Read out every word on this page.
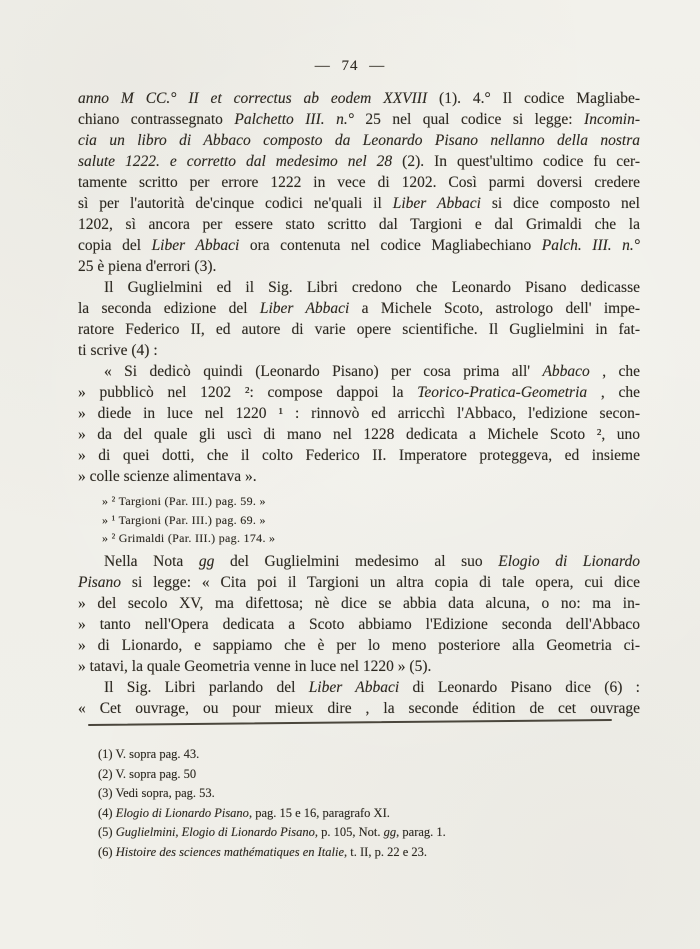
— 74 —
anno M CC.° II et correctus ab eodem XXVIII (1). 4.° Il codice Magliabe-
chiano contrassegnato Palchetto III. n.° 25 nel qual codice si legge: Incomin-
cia un libro di Abbaco composto da Leonardo Pisano nellanno della nostra
salute 1222. e corretto dal medesimo nel 28 (2). In quest'ultimo codice fu cer-
tamente scritto per errore 1222 in vece di 1202. Così parmi doversi credere
sì per l'autorità de'cinque codici ne'quali il Liber Abbaci si dice composto nel
1202, sì ancora per essere stato scritto dal Targioni e dal Grimaldi che la
copia del Liber Abbaci ora contenuta nel codice Magliabechiano Palch. III. n.°
25 è piena d'errori (3).
Il Guglielmini ed il Sig. Libri credono che Leonardo Pisano dedicasse
la seconda edizione del Liber Abbaci a Michele Scoto, astrologo dell' impe-
ratore Federico II, ed autore di varie opere scientifiche. Il Guglielmini in fat-
ti scrive (4) :
« Si dedicò quindi (Leonardo Pisano) per cosa prima all' Abbaco , che
» pubblicò nel 1202 ²: compose dappoi la Teorico-Pratica-Geometria , che
» diede in luce nel 1220 ¹ : rinnovò ed arricchì l'Abbaco, l'edizione secon-
» da del quale gli uscì di mano nel 1228 dedicata a Michele Scoto ², uno
» di quei dotti, che il colto Federico II. Imperatore proteggeva, ed insieme
» colle scienze alimentava ».
» ² Targioni (Par. III.) pag. 59. »
» ¹ Targioni (Par. III.) pag. 69. »
» ² Grimaldi (Par. III.) pag. 174. »
Nella Nota gg del Guglielmini medesimo al suo Elogio di Lionardo
Pisano si legge: « Cita poi il Targioni un altra copia di tale opera, cui dice
» del secolo XV, ma difettosa; nè dice se abbia data alcuna, o no: ma in-
» tanto nell'Opera dedicata a Scoto abbiamo l'Edizione seconda dell'Abbaco
» di Lionardo, e sappiamo che è per lo meno posteriore alla Geometria ci-
» tatavi, la quale Geometria venne in luce nel 1220 » (5).
Il Sig. Libri parlando del Liber Abbaci di Leonardo Pisano dice (6) :
« Cet ouvrage, ou pour mieux dire , la seconde édition de cet ouvrage
(1) V. sopra pag. 43.
(2) V. sopra pag. 50
(3) Vedi sopra, pag. 53.
(4) Elogio di Lionardo Pisano, pag. 15 e 16, paragrafo XI.
(5) Guglielmini, Elogio di Lionardo Pisano, p. 105, Not. gg, parag. 1.
(6) Histoire des sciences mathématiques en Italie, t. II, p. 22 e 23.
